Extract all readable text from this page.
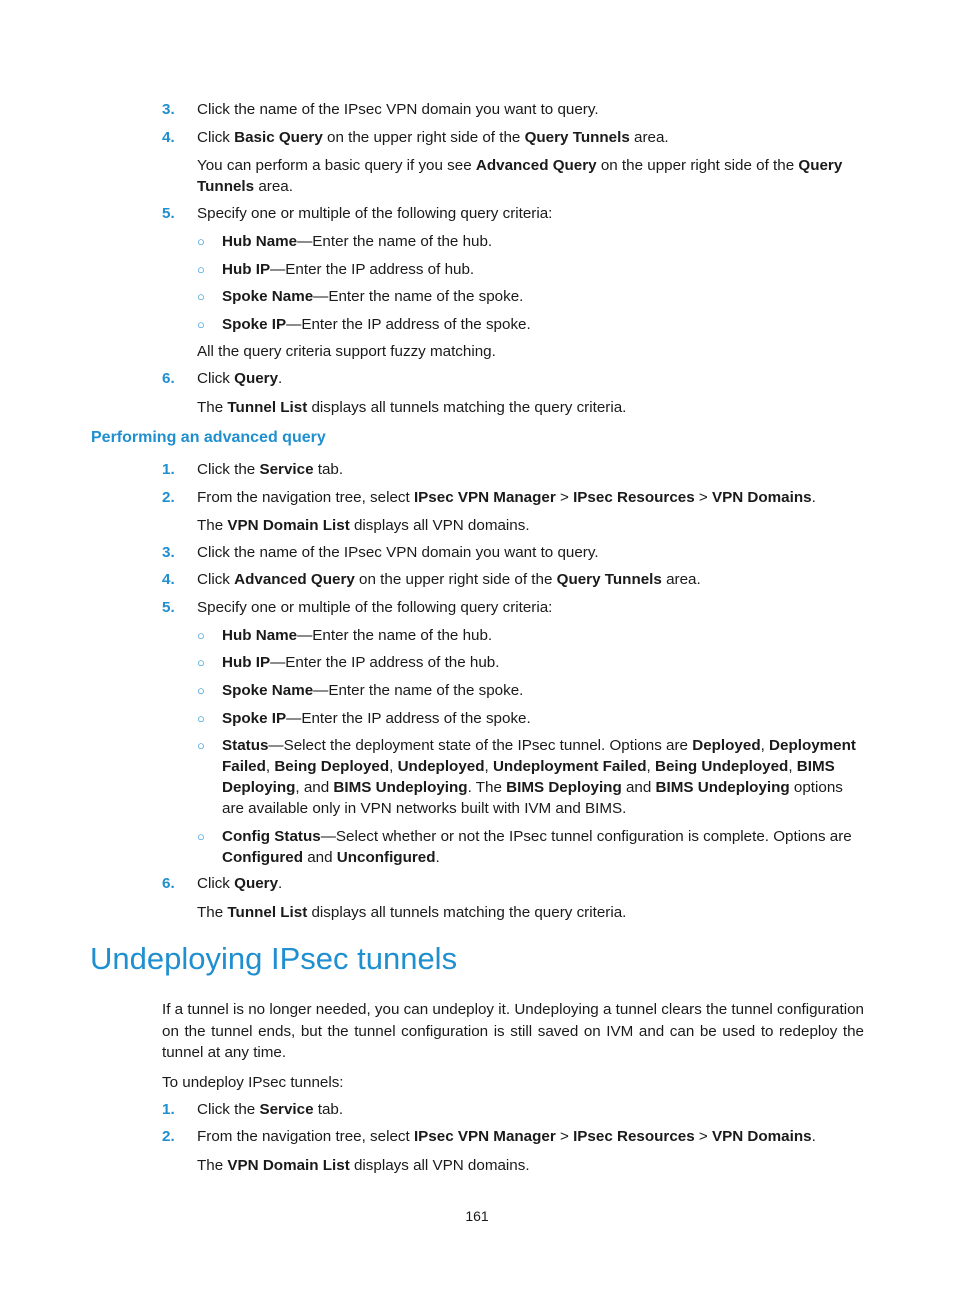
3. Click the name of the IPsec VPN domain you want to query.
4. Click Basic Query on the upper right side of the Query Tunnels area.
You can perform a basic query if you see Advanced Query on the upper right side of the Query Tunnels area.
5. Specify one or multiple of the following query criteria:
○ Hub Name—Enter the name of the hub.
○ Hub IP—Enter the IP address of hub.
○ Spoke Name—Enter the name of the spoke.
○ Spoke IP—Enter the IP address of the spoke.
All the query criteria support fuzzy matching.
6. Click Query.
The Tunnel List displays all tunnels matching the query criteria.
Performing an advanced query
1. Click the Service tab.
2. From the navigation tree, select IPsec VPN Manager > IPsec Resources > VPN Domains.
The VPN Domain List displays all VPN domains.
3. Click the name of the IPsec VPN domain you want to query.
4. Click Advanced Query on the upper right side of the Query Tunnels area.
5. Specify one or multiple of the following query criteria:
○ Hub Name—Enter the name of the hub.
○ Hub IP—Enter the IP address of the hub.
○ Spoke Name—Enter the name of the spoke.
○ Spoke IP—Enter the IP address of the spoke.
○ Status—Select the deployment state of the IPsec tunnel. Options are Deployed, Deployment Failed, Being Deployed, Undeployed, Undeployment Failed, Being Undeployed, BIMS Deploying, and BIMS Undeploying. The BIMS Deploying and BIMS Undeploying options are available only in VPN networks built with IVM and BIMS.
○ Config Status—Select whether or not the IPsec tunnel configuration is complete. Options are Configured and Unconfigured.
6. Click Query.
The Tunnel List displays all tunnels matching the query criteria.
Undeploying IPsec tunnels
If a tunnel is no longer needed, you can undeploy it. Undeploying a tunnel clears the tunnel configuration on the tunnel ends, but the tunnel configuration is still saved on IVM and can be used to redeploy the tunnel at any time.
To undeploy IPsec tunnels:
1. Click the Service tab.
2. From the navigation tree, select IPsec VPN Manager > IPsec Resources > VPN Domains.
The VPN Domain List displays all VPN domains.
161
